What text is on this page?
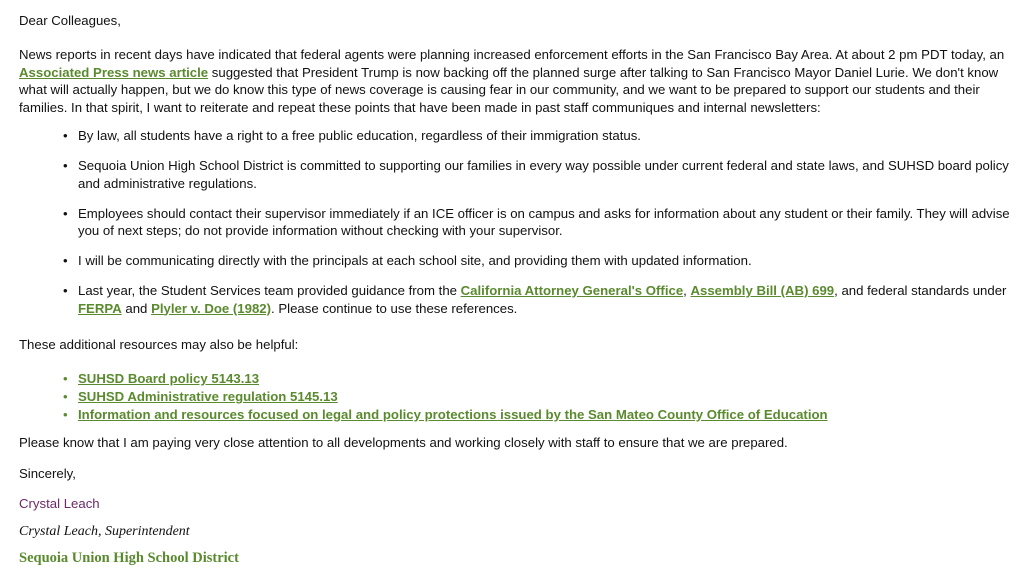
Dear Colleagues,

News reports in recent days have indicated that federal agents were planning increased enforcement efforts in the San Francisco Bay Area. At about 2 pm PDT today, an Associated Press news article suggested that President Trump is now backing off the planned surge after talking to San Francisco Mayor Daniel Lurie. We don't know what will actually happen, but we do know this type of news coverage is causing fear in our community, and we want to be prepared to support our students and their families. In that spirit, I want to reiterate and repeat these points that have been made in past staff communiques and internal newsletters:

• By law, all students have a right to a free public education, regardless of their immigration status.
• Sequoia Union High School District is committed to supporting our families in every way possible under current federal and state laws, and SUHSD board policy and administrative regulations.
• Employees should contact their supervisor immediately if an ICE officer is on campus and asks for information about any student or their family. They will advise you of next steps; do not provide information without checking with your supervisor.
• I will be communicating directly with the principals at each school site, and providing them with updated information.
• Last year, the Student Services team provided guidance from the California Attorney General's Office, Assembly Bill (AB) 699, and federal standards under FERPA and Plyler v. Doe (1982). Please continue to use these references.

These additional resources may also be helpful:

• SUHSD Board policy 5143.13
• SUHSD Administrative regulation 5145.13
• Information and resources focused on legal and policy protections issued by the San Mateo County Office of Education

Please know that I am paying very close attention to all developments and working closely with staff to ensure that we are prepared.

Sincerely,

Crystal Leach

Crystal Leach, Superintendent

Sequoia Union High School District
